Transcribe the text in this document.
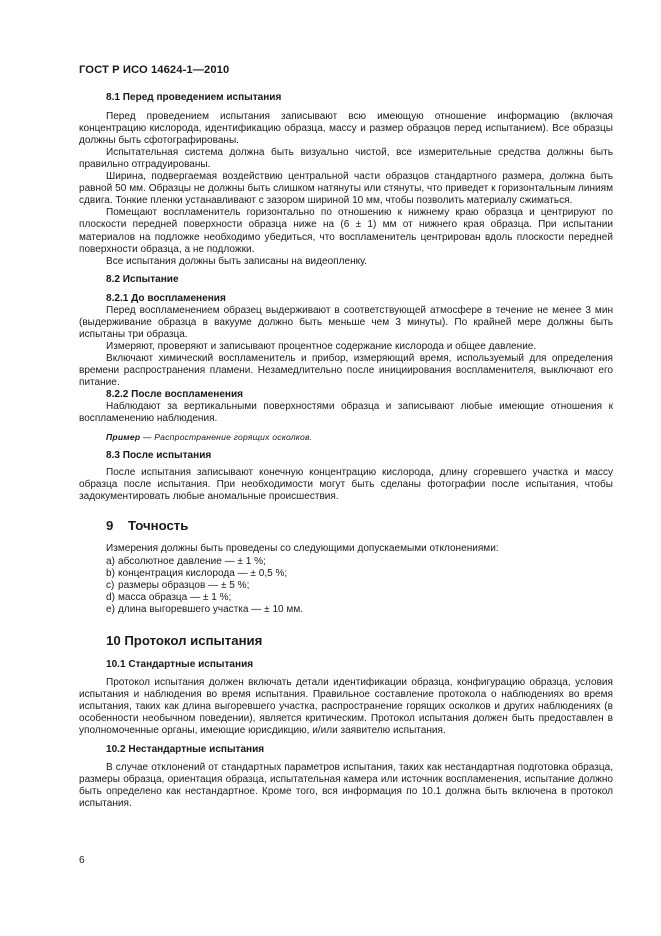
ГОСТ Р ИСО 14624-1—2010

8.1 Перед проведением испытания

Перед проведением испытания записывают всю имеющую отношение информацию (включая концентрацию кислорода, идентификацию образца, массу и размер образцов перед испытанием). Все образцы должны быть сфотографированы.

Испытательная система должна быть визуально чистой, все измерительные средства должны быть правильно отградуированы.

Ширина, подвергаемая воздействию центральной части образцов стандартного размера, должна быть равной 50 мм. Образцы не должны быть слишком натянуты или стянуты, что приведет к горизонтальным линиям сдвига. Тонкие пленки устанавливают с зазором шириной 10 мм, чтобы позволить материалу сжиматься.

Помещают воспламенитель горизонтально по отношению к нижнему краю образца и центрируют по плоскости передней поверхности образца ниже на (6 ± 1) мм от нижнего края образца. При испытании материалов на подложке необходимо убедиться, что воспламенитель центрирован вдоль плоскости передней поверхности образца, а не подложки.

Все испытания должны быть записаны на видеопленку.

8.2 Испытание

8.2.1 До воспламенения

Перед воспламенением образец выдерживают в соответствующей атмосфере в течение не менее 3 мин (выдерживание образца в вакууме должно быть меньше чем 3 минуты). По крайней мере должны быть испытаны три образца.

Измеряют, проверяют и записывают процентное содержание кислорода и общее давление.

Включают химический воспламенитель и прибор, измеряющий время, используемый для определения времени распространения пламени. Незамедлительно после инициирования воспламенителя, выключают его питание.

8.2.2 После воспламенения

Наблюдают за вертикальными поверхностями образца и записывают любые имеющие отношения к воспламенению наблюдения.

Пример — Распространение горящих осколков.

8.3 После испытания

После испытания записывают конечную концентрацию кислорода, длину сгоревшего участка и массу образца после испытания. При необходимости могут быть сделаны фотографии после испытания, чтобы задокументировать любые аномальные происшествия.

9 Точность

Измерения должны быть проведены со следующими допускаемыми отклонениями:

a) абсолютное давление — ± 1 %;

b) концентрация кислорода — ± 0,5 %;

c) размеры образцов — ± 5 %;

d) масса образца — ± 1 %;

e) длина выгоревшего участка — ± 10 мм.

10 Протокол испытания

10.1 Стандартные испытания

Протокол испытания должен включать детали идентификации образца, конфигурацию образца, условия испытания и наблюдения во время испытания. Правильное составление протокола о наблюдениях во время испытания, таких как длина выгоревшего участка, распространение горящих осколков и других наблюдениях (в особенности необычном поведении), является критическим. Протокол испытания должен быть предоставлен в уполномоченные органы, имеющие юрисдикцию, и/или заявителю испытания.

10.2 Нестандартные испытания

В случае отклонений от стандартных параметров испытания, таких как нестандартная подготовка образца, размеры образца, ориентация образца, испытательная камера или источник воспламенения, испытание должно быть определено как нестандартное. Кроме того, вся информация по 10.1 должна быть включена в протокол испытания.

6
